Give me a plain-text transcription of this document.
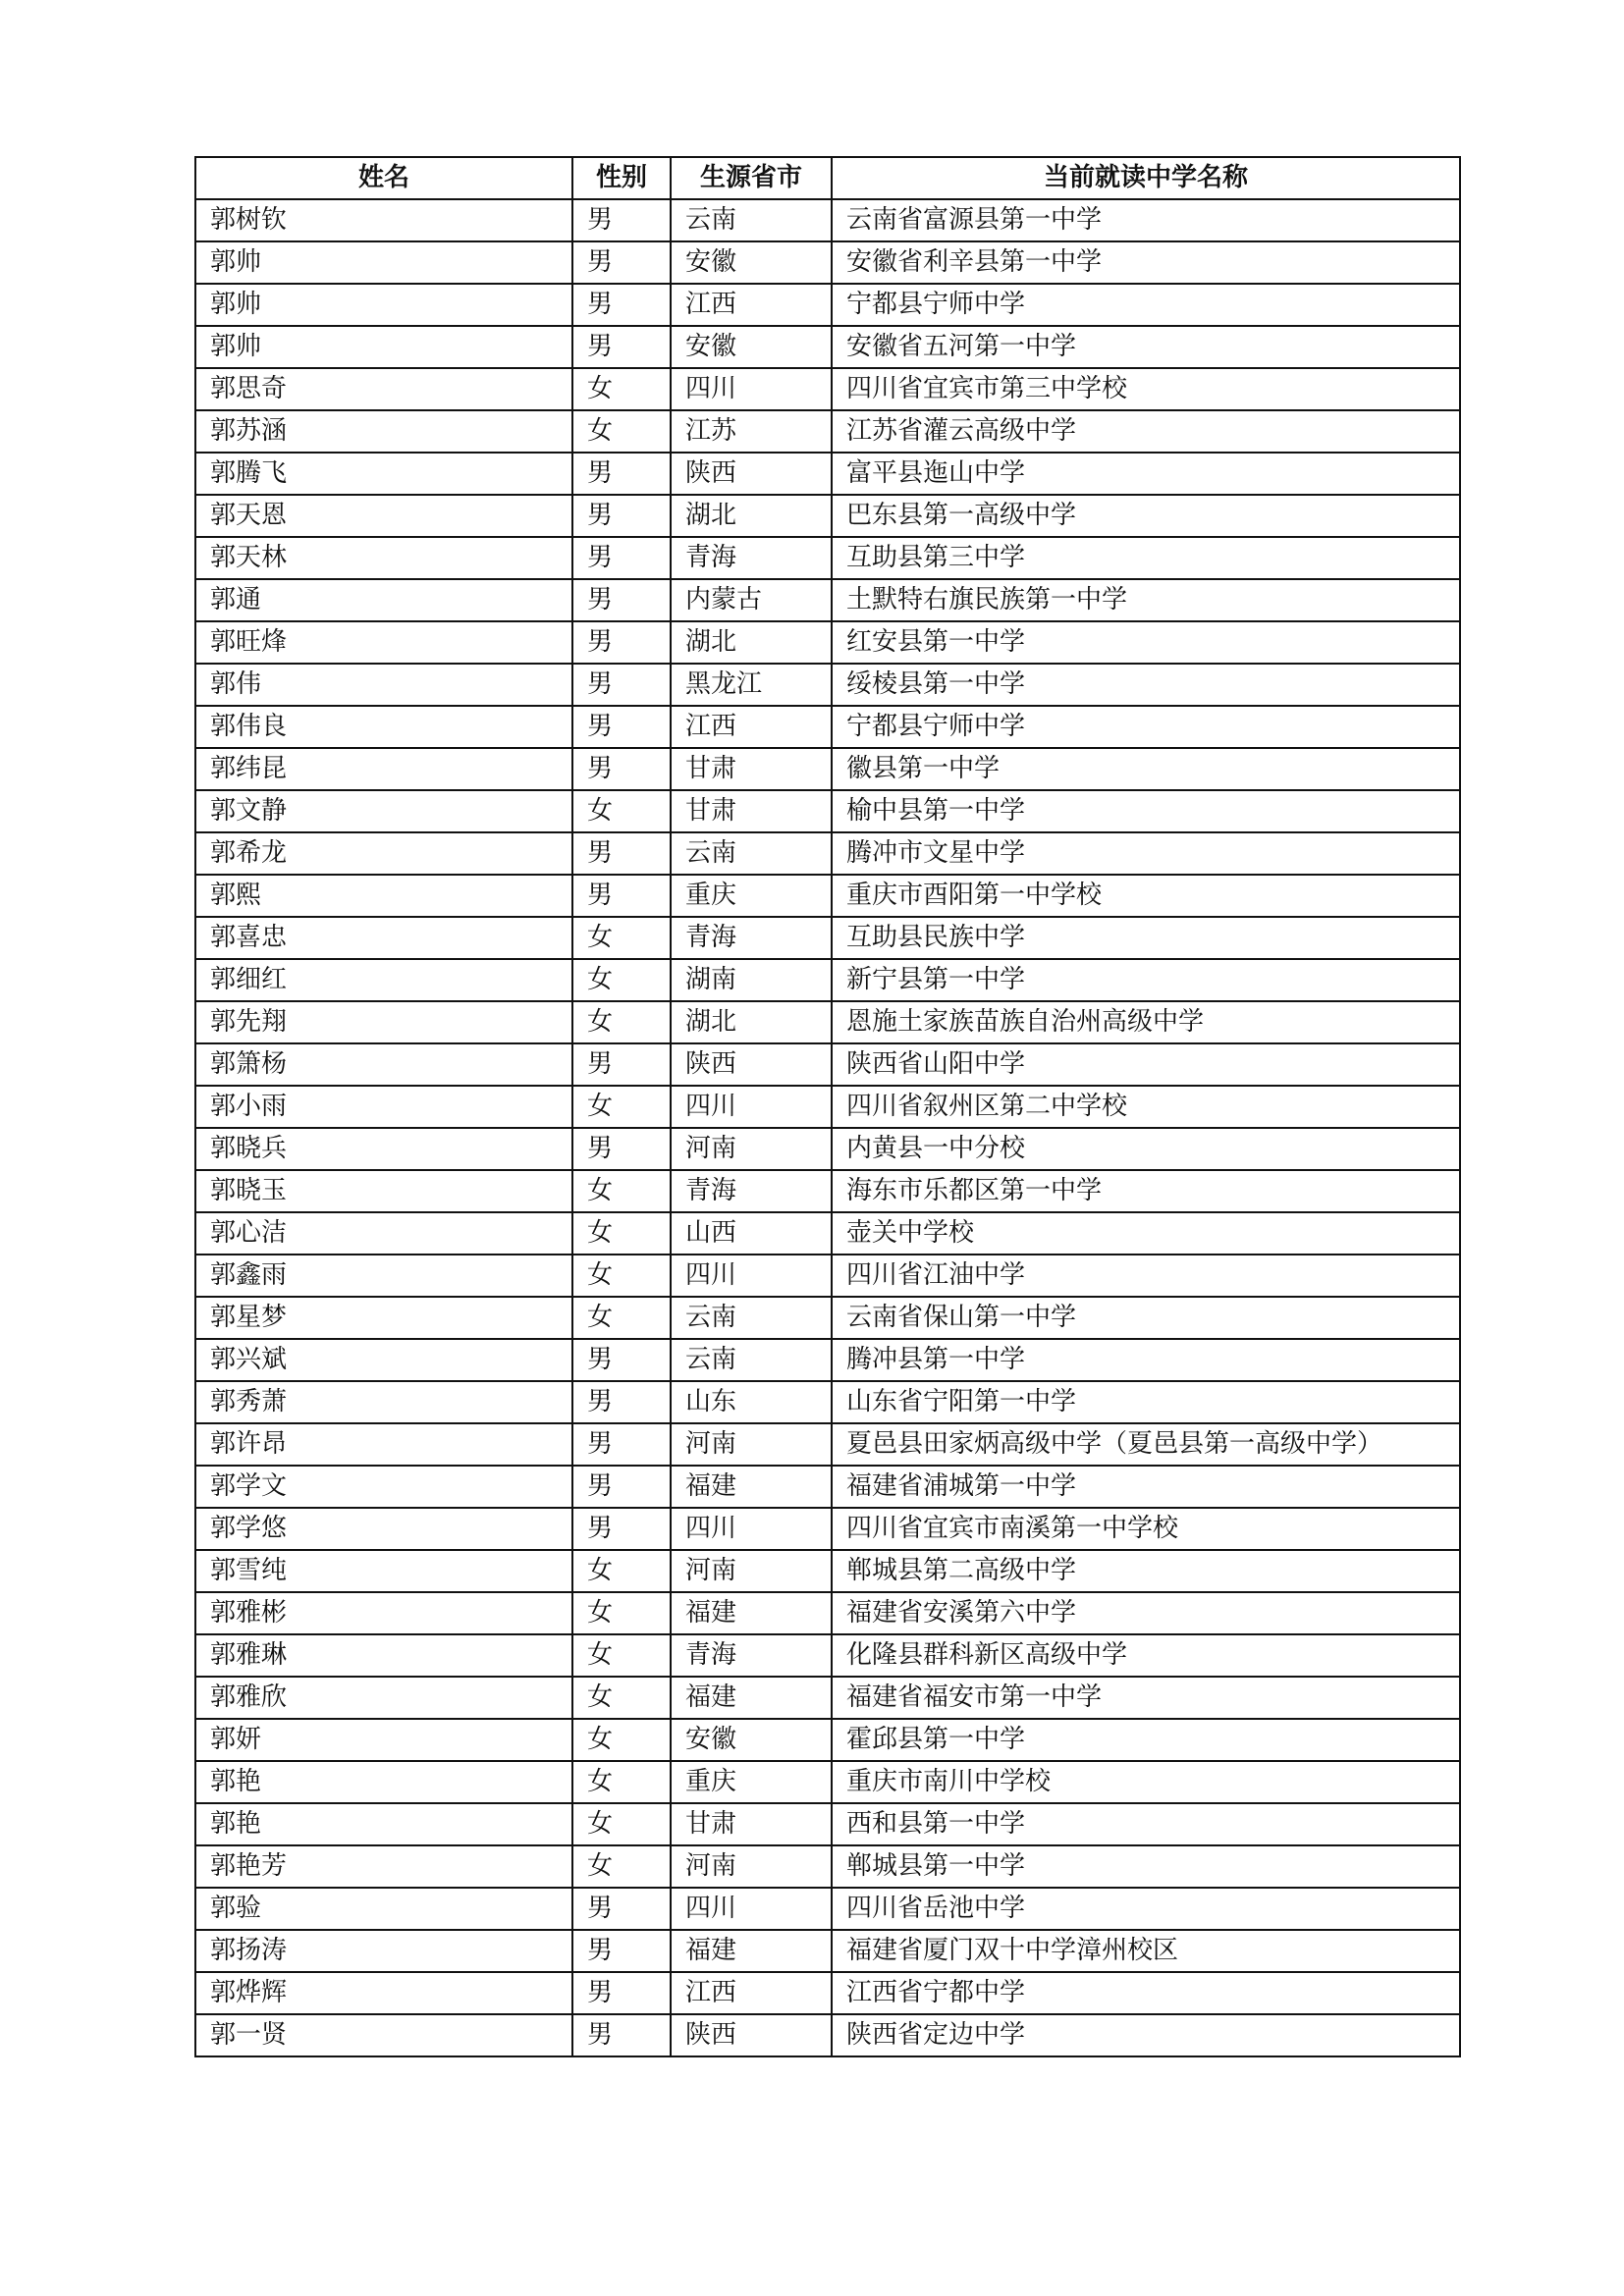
姓名	性别	生源省市	当前就读中学名称
郭树钦	男	云南	云南省富源县第一中学
郭帅	男	安徽	安徽省利辛县第一中学
郭帅	男	江西	宁都县宁师中学
郭帅	男	安徽	安徽省五河第一中学
郭思奇	女	四川	四川省宜宾市第三中学校
郭苏涵	女	江苏	江苏省灌云高级中学
郭腾飞	男	陕西	富平县迤山中学
郭天恩	男	湖北	巴东县第一高级中学
郭天林	男	青海	互助县第三中学
郭通	男	内蒙古	土默特右旗民族第一中学
郭旺烽	男	湖北	红安县第一中学
郭伟	男	黑龙江	绥棱县第一中学
郭伟良	男	江西	宁都县宁师中学
郭纬昆	男	甘肃	徽县第一中学
郭文静	女	甘肃	榆中县第一中学
郭希龙	男	云南	腾冲市文星中学
郭熙	男	重庆	重庆市酉阳第一中学校
郭喜忠	女	青海	互助县民族中学
郭细红	女	湖南	新宁县第一中学
郭先翔	女	湖北	恩施土家族苗族自治州高级中学
郭箫杨	男	陕西	陕西省山阳中学
郭小雨	女	四川	四川省叙州区第二中学校
郭晓兵	男	河南	内黄县一中分校
郭晓玉	女	青海	海东市乐都区第一中学
郭心洁	女	山西	壶关中学校
郭鑫雨	女	四川	四川省江油中学
郭星梦	女	云南	云南省保山第一中学
郭兴斌	男	云南	腾冲县第一中学
郭秀萧	男	山东	山东省宁阳第一中学
郭许昂	男	河南	夏邑县田家炳高级中学（夏邑县第一高级中学）
郭学文	男	福建	福建省浦城第一中学
郭学悠	男	四川	四川省宜宾市南溪第一中学校
郭雪纯	女	河南	郸城县第二高级中学
郭雅彬	女	福建	福建省安溪第六中学
郭雅琳	女	青海	化隆县群科新区高级中学
郭雅欣	女	福建	福建省福安市第一中学
郭妍	女	安徽	霍邱县第一中学
郭艳	女	重庆	重庆市南川中学校
郭艳	女	甘肃	西和县第一中学
郭艳芳	女	河南	郸城县第一中学
郭验	男	四川	四川省岳池中学
郭扬涛	男	福建	福建省厦门双十中学漳州校区
郭烨辉	男	江西	江西省宁都中学
郭一贤	男	陕西	陕西省定边中学
